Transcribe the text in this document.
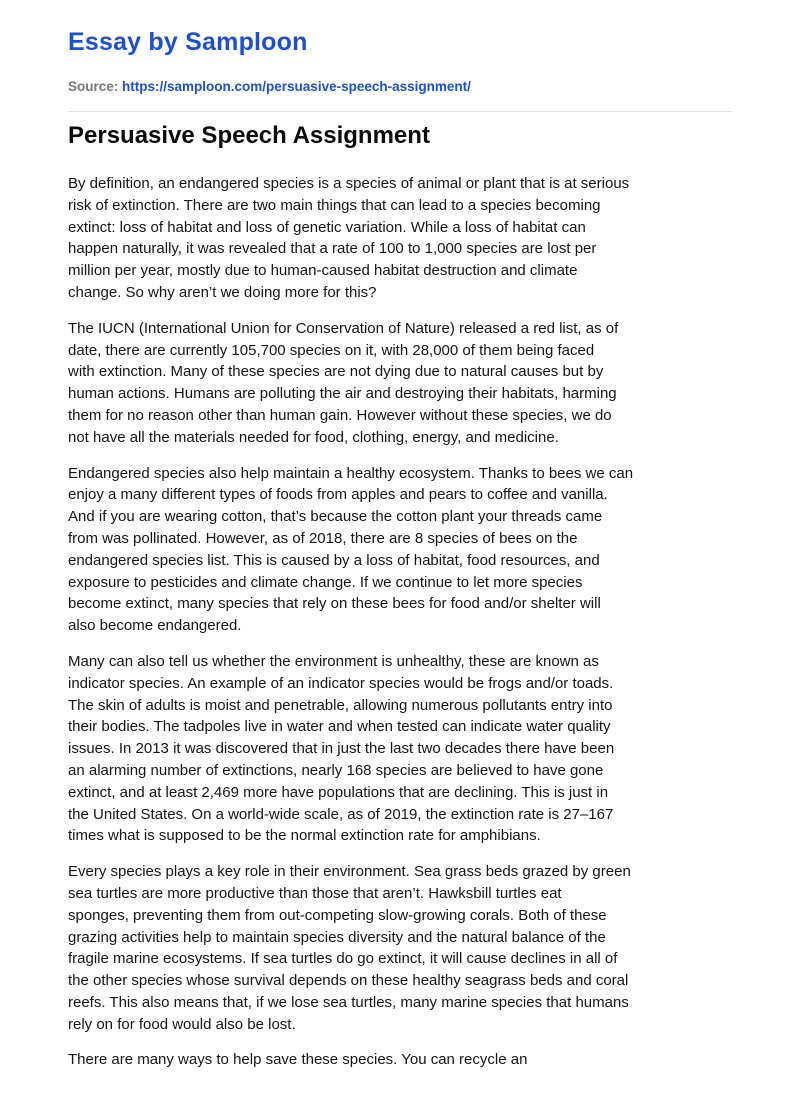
Essay by Samploon
Source: https://samploon.com/persuasive-speech-assignment/
Persuasive Speech Assignment

By definition, an endangered species is a species of animal or plant that is at serious
risk of extinction. There are two main things that can lead to a species becoming
extinct: loss of habitat and loss of genetic variation. While a loss of habitat can
happen naturally, it was revealed that a rate of 100 to 1,000 species are lost per
million per year, mostly due to human-caused habitat destruction and climate
change. So why aren’t we doing more for this?

The IUCN (International Union for Conservation of Nature) released a red list, as of
date, there are currently 105,700 species on it, with 28,000 of them being faced
with extinction. Many of these species are not dying due to natural causes but by
human actions. Humans are polluting the air and destroying their habitats, harming
them for no reason other than human gain. However without these species, we do
not have all the materials needed for food, clothing, energy, and medicine.

Endangered species also help maintain a healthy ecosystem. Thanks to bees we can
enjoy a many different types of foods from apples and pears to coffee and vanilla.
And if you are wearing cotton, that’s because the cotton plant your threads came
from was pollinated. However, as of 2018, there are 8 species of bees on the
endangered species list. This is caused by a loss of habitat, food resources, and
exposure to pesticides and climate change. If we continue to let more species
become extinct, many species that rely on these bees for food and/or shelter will
also become endangered.

Many can also tell us whether the environment is unhealthy, these are known as
indicator species. An example of an indicator species would be frogs and/or toads.
The skin of adults is moist and penetrable, allowing numerous pollutants entry into
their bodies. The tadpoles live in water and when tested can indicate water quality
issues. In 2013 it was discovered that in just the last two decades there have been
an alarming number of extinctions, nearly 168 species are believed to have gone
extinct, and at least 2,469 more have populations that are declining. This is just in
the United States. On a world-wide scale, as of 2019, the extinction rate is 27–167
times what is supposed to be the normal extinction rate for amphibians.

Every species plays a key role in their environment. Sea grass beds grazed by green
sea turtles are more productive than those that aren’t. Hawksbill turtles eat
sponges, preventing them from out-competing slow-growing corals. Both of these
grazing activities help to maintain species diversity and the natural balance of the
fragile marine ecosystems. If sea turtles do go extinct, it will cause declines in all of
the other species whose survival depends on these healthy seagrass beds and coral
reefs. This also means that, if we lose sea turtles, many marine species that humans
rely on for food would also be lost.

There are many ways to help save these species. You can recycle an
